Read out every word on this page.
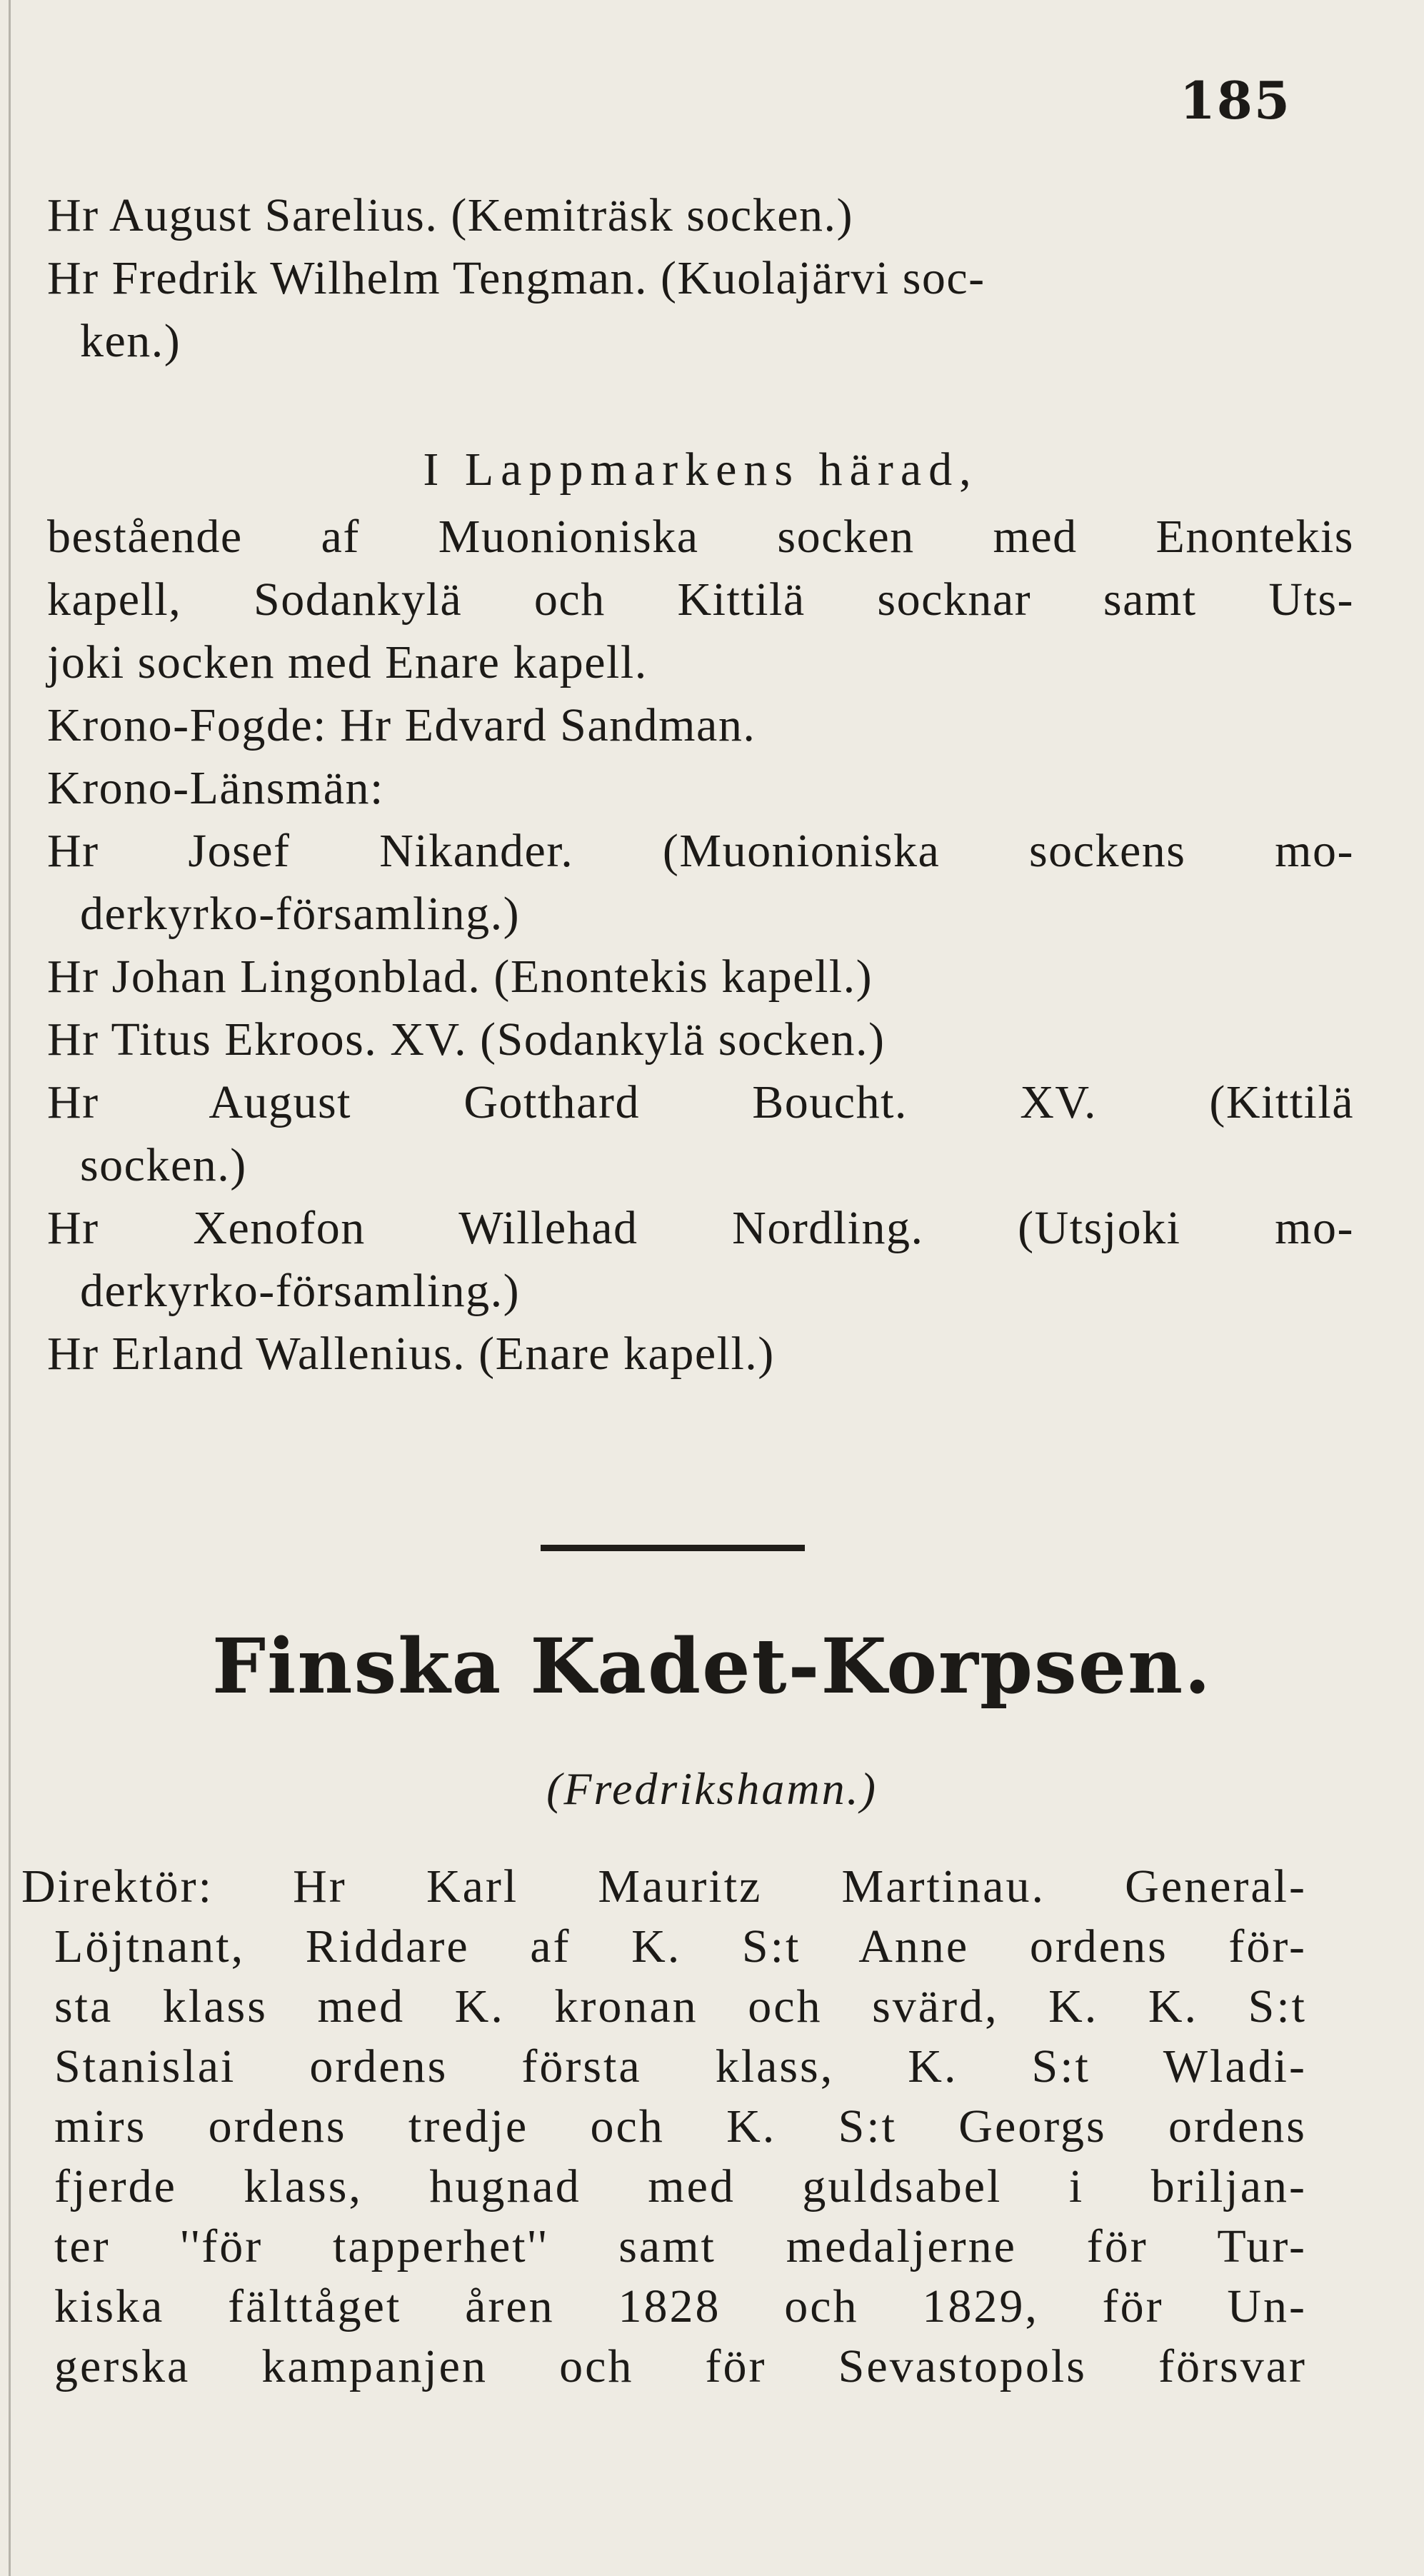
185
Hr August Sarelius. (Kemiträsk socken.)
Hr Fredrik Wilhelm Tengman. (Kuolajärvi soc-
ken.)
I Lappmarkens härad,
bestående af Muonioniska socken med Enontekis
kapell, Sodankylä och Kittilä socknar samt Uts-
joki socken med Enare kapell.
Krono-Fogde: Hr Edvard Sandman.
Krono-Länsmän:
Hr Josef Nikander. (Muonioniska sockens mo-
derkyrko-församling.)
Hr Johan Lingonblad. (Enontekis kapell.)
Hr Titus Ekroos. XV. (Sodankylä socken.)
Hr August Gotthard Boucht. XV. (Kittilä
socken.)
Hr Xenofon Willehad Nordling. (Utsjoki mo-
derkyrko-församling.)
Hr Erland Wallenius. (Enare kapell.)
Finska Kadet-Korpsen.
(Fredrikshamn.)
Direktör: Hr Karl Mauritz Martinau. General-
Löjtnant, Riddare af K. S:t Anne ordens för-
sta klass med K. kronan och svärd, K. K. S:t
Stanislai ordens första klass, K. S:t Wladi-
mirs ordens tredje och K. S:t Georgs ordens
fjerde klass, hugnad med guldsabel i briljan-
ter ''för tapperhet'' samt medaljerne för Tur-
kiska fälttåget åren 1828 och 1829, för Un-
gerska kampanjen och för Sevastopols försvar
